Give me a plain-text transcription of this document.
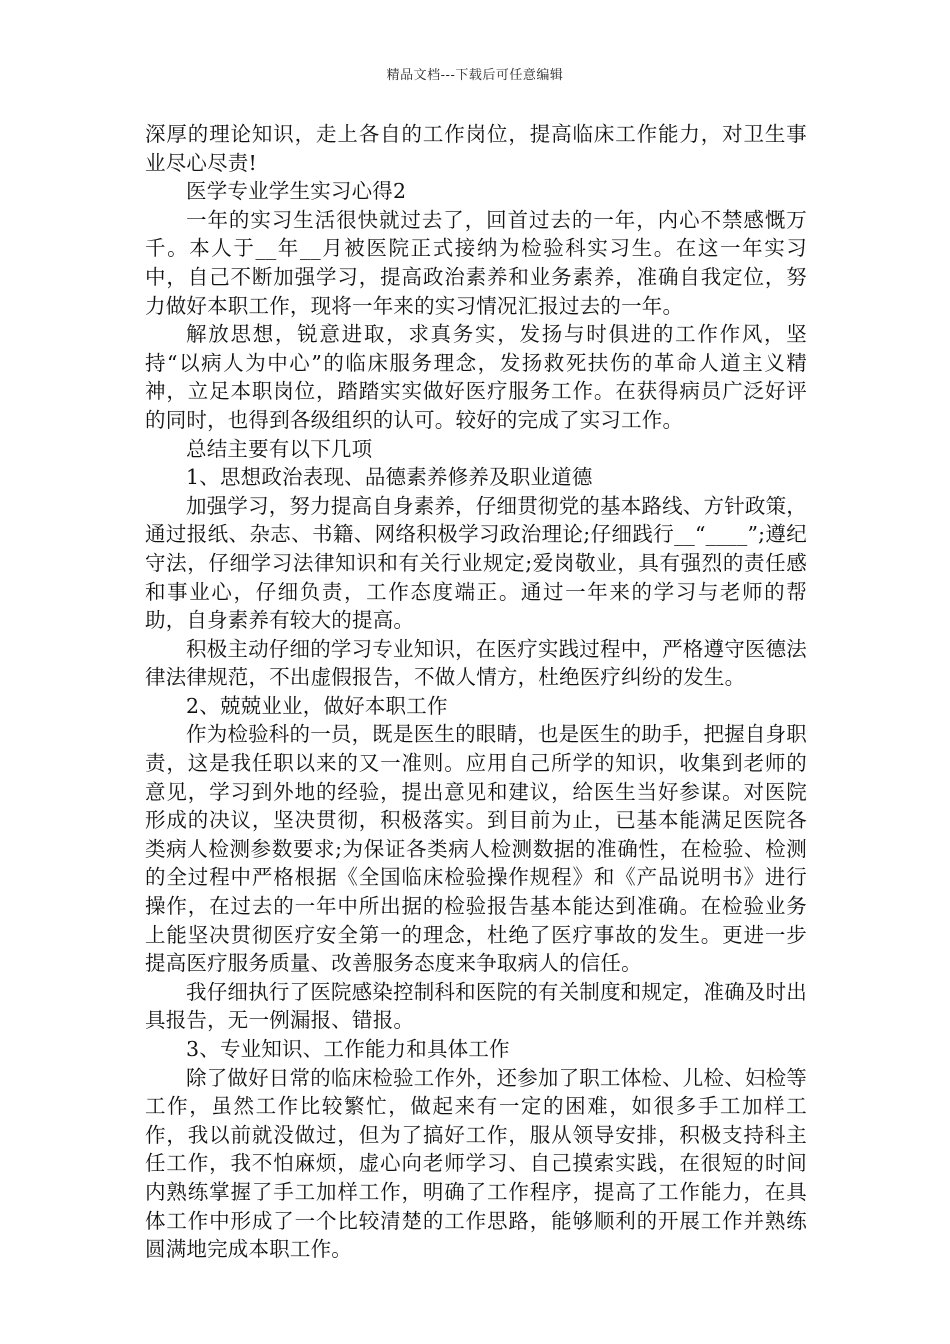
精品文档---下载后可任意编辑

深厚的理论知识，走上各自的工作岗位，提高临床工作能力，对卫生事业尽心尽责!

医学专业学生实习心得2

一年的实习生活很快就过去了，回首过去的一年，内心不禁感慨万千。本人于__年__月被医院正式接纳为检验科实习生。在这一年实习中，自己不断加强学习，提高政治素养和业务素养，准确自我定位，努力做好本职工作，现将一年来的实习情况汇报过去的一年。

解放思想，锐意进取，求真务实，发扬与时俱进的工作作风，坚持“以病人为中心”的临床服务理念，发扬救死扶伤的革命人道主义精神，立足本职岗位，踏踏实实做好医疗服务工作。在获得病员广泛好评的同时，也得到各级组织的认可。较好的完成了实习工作。

总结主要有以下几项

1、思想政治表现、品德素养修养及职业道德

加强学习，努力提高自身素养，仔细贯彻党的基本路线、方针政策，通过报纸、杂志、书籍、网络积极学习政治理论;仔细践行__“____”;遵纪守法，仔细学习法律知识和有关行业规定;爱岗敬业，具有强烈的责任感和事业心，仔细负责，工作态度端正。通过一年来的学习与老师的帮助，自身素养有较大的提高。

积极主动仔细的学习专业知识，在医疗实践过程中，严格遵守医德法律法律规范，不出虚假报告，不做人情方，杜绝医疗纠纷的发生。

2、兢兢业业，做好本职工作

作为检验科的一员，既是医生的眼睛，也是医生的助手，把握自身职责，这是我任职以来的又一准则。应用自己所学的知识，收集到老师的意见，学习到外地的经验，提出意见和建议，给医生当好参谋。对医院形成的决议，坚决贯彻，积极落实。到目前为止，已基本能满足医院各类病人检测参数要求;为保证各类病人检测数据的准确性，在检验、检测的全过程中严格根据《全国临床检验操作规程》和《产品说明书》进行操作，在过去的一年中所出据的检验报告基本能达到准确。在检验业务上能坚决贯彻医疗安全第一的理念，杜绝了医疗事故的发生。更进一步提高医疗服务质量、改善服务态度来争取病人的信任。

我仔细执行了医院感染控制科和医院的有关制度和规定，准确及时出具报告，无一例漏报、错报。

3、专业知识、工作能力和具体工作

除了做好日常的临床检验工作外，还参加了职工体检、儿检、妇检等工作，虽然工作比较繁忙，做起来有一定的困难，如很多手工加样工作，我以前就没做过，但为了搞好工作，服从领导安排，积极支持科主任工作，我不怕麻烦，虚心向老师学习、自己摸索实践，在很短的时间内熟练掌握了手工加样工作，明确了工作程序，提高了工作能力，在具体工作中形成了一个比较清楚的工作思路，能够顺利的开展工作并熟练圆满地完成本职工作。
